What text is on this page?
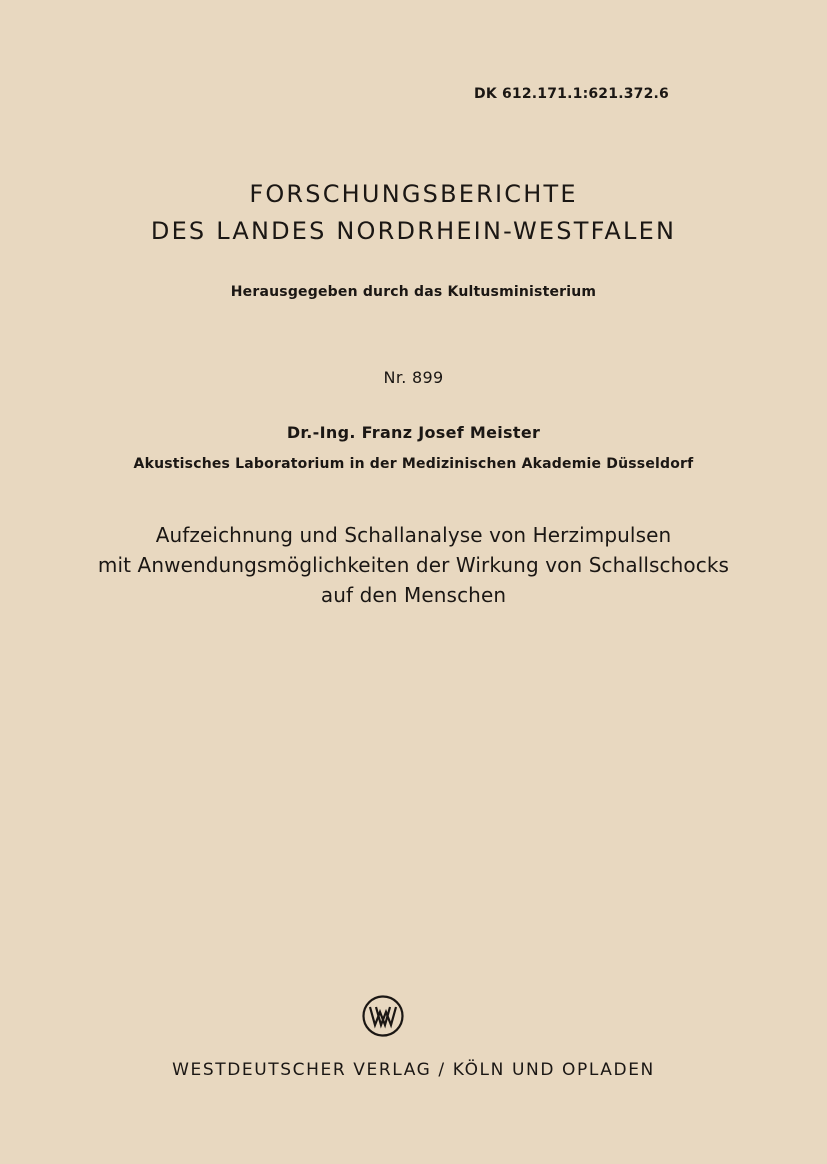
DK 612.171.1:621.372.6
FORSCHUNGSBERICHTE
DES LANDES NORDRHEIN-WESTFALEN
Herausgegeben durch das Kultusministerium
Nr. 899
Dr.-Ing. Franz Josef Meister
Akustisches Laboratorium in der Medizinischen Akademie Düsseldorf
Aufzeichnung und Schallanalyse von Herzimpulsen
mit Anwendungsmöglichkeiten der Wirkung von Schallschocks
auf den Menschen
WESTDEUTSCHER VERLAG / KÖLN UND OPLADEN
